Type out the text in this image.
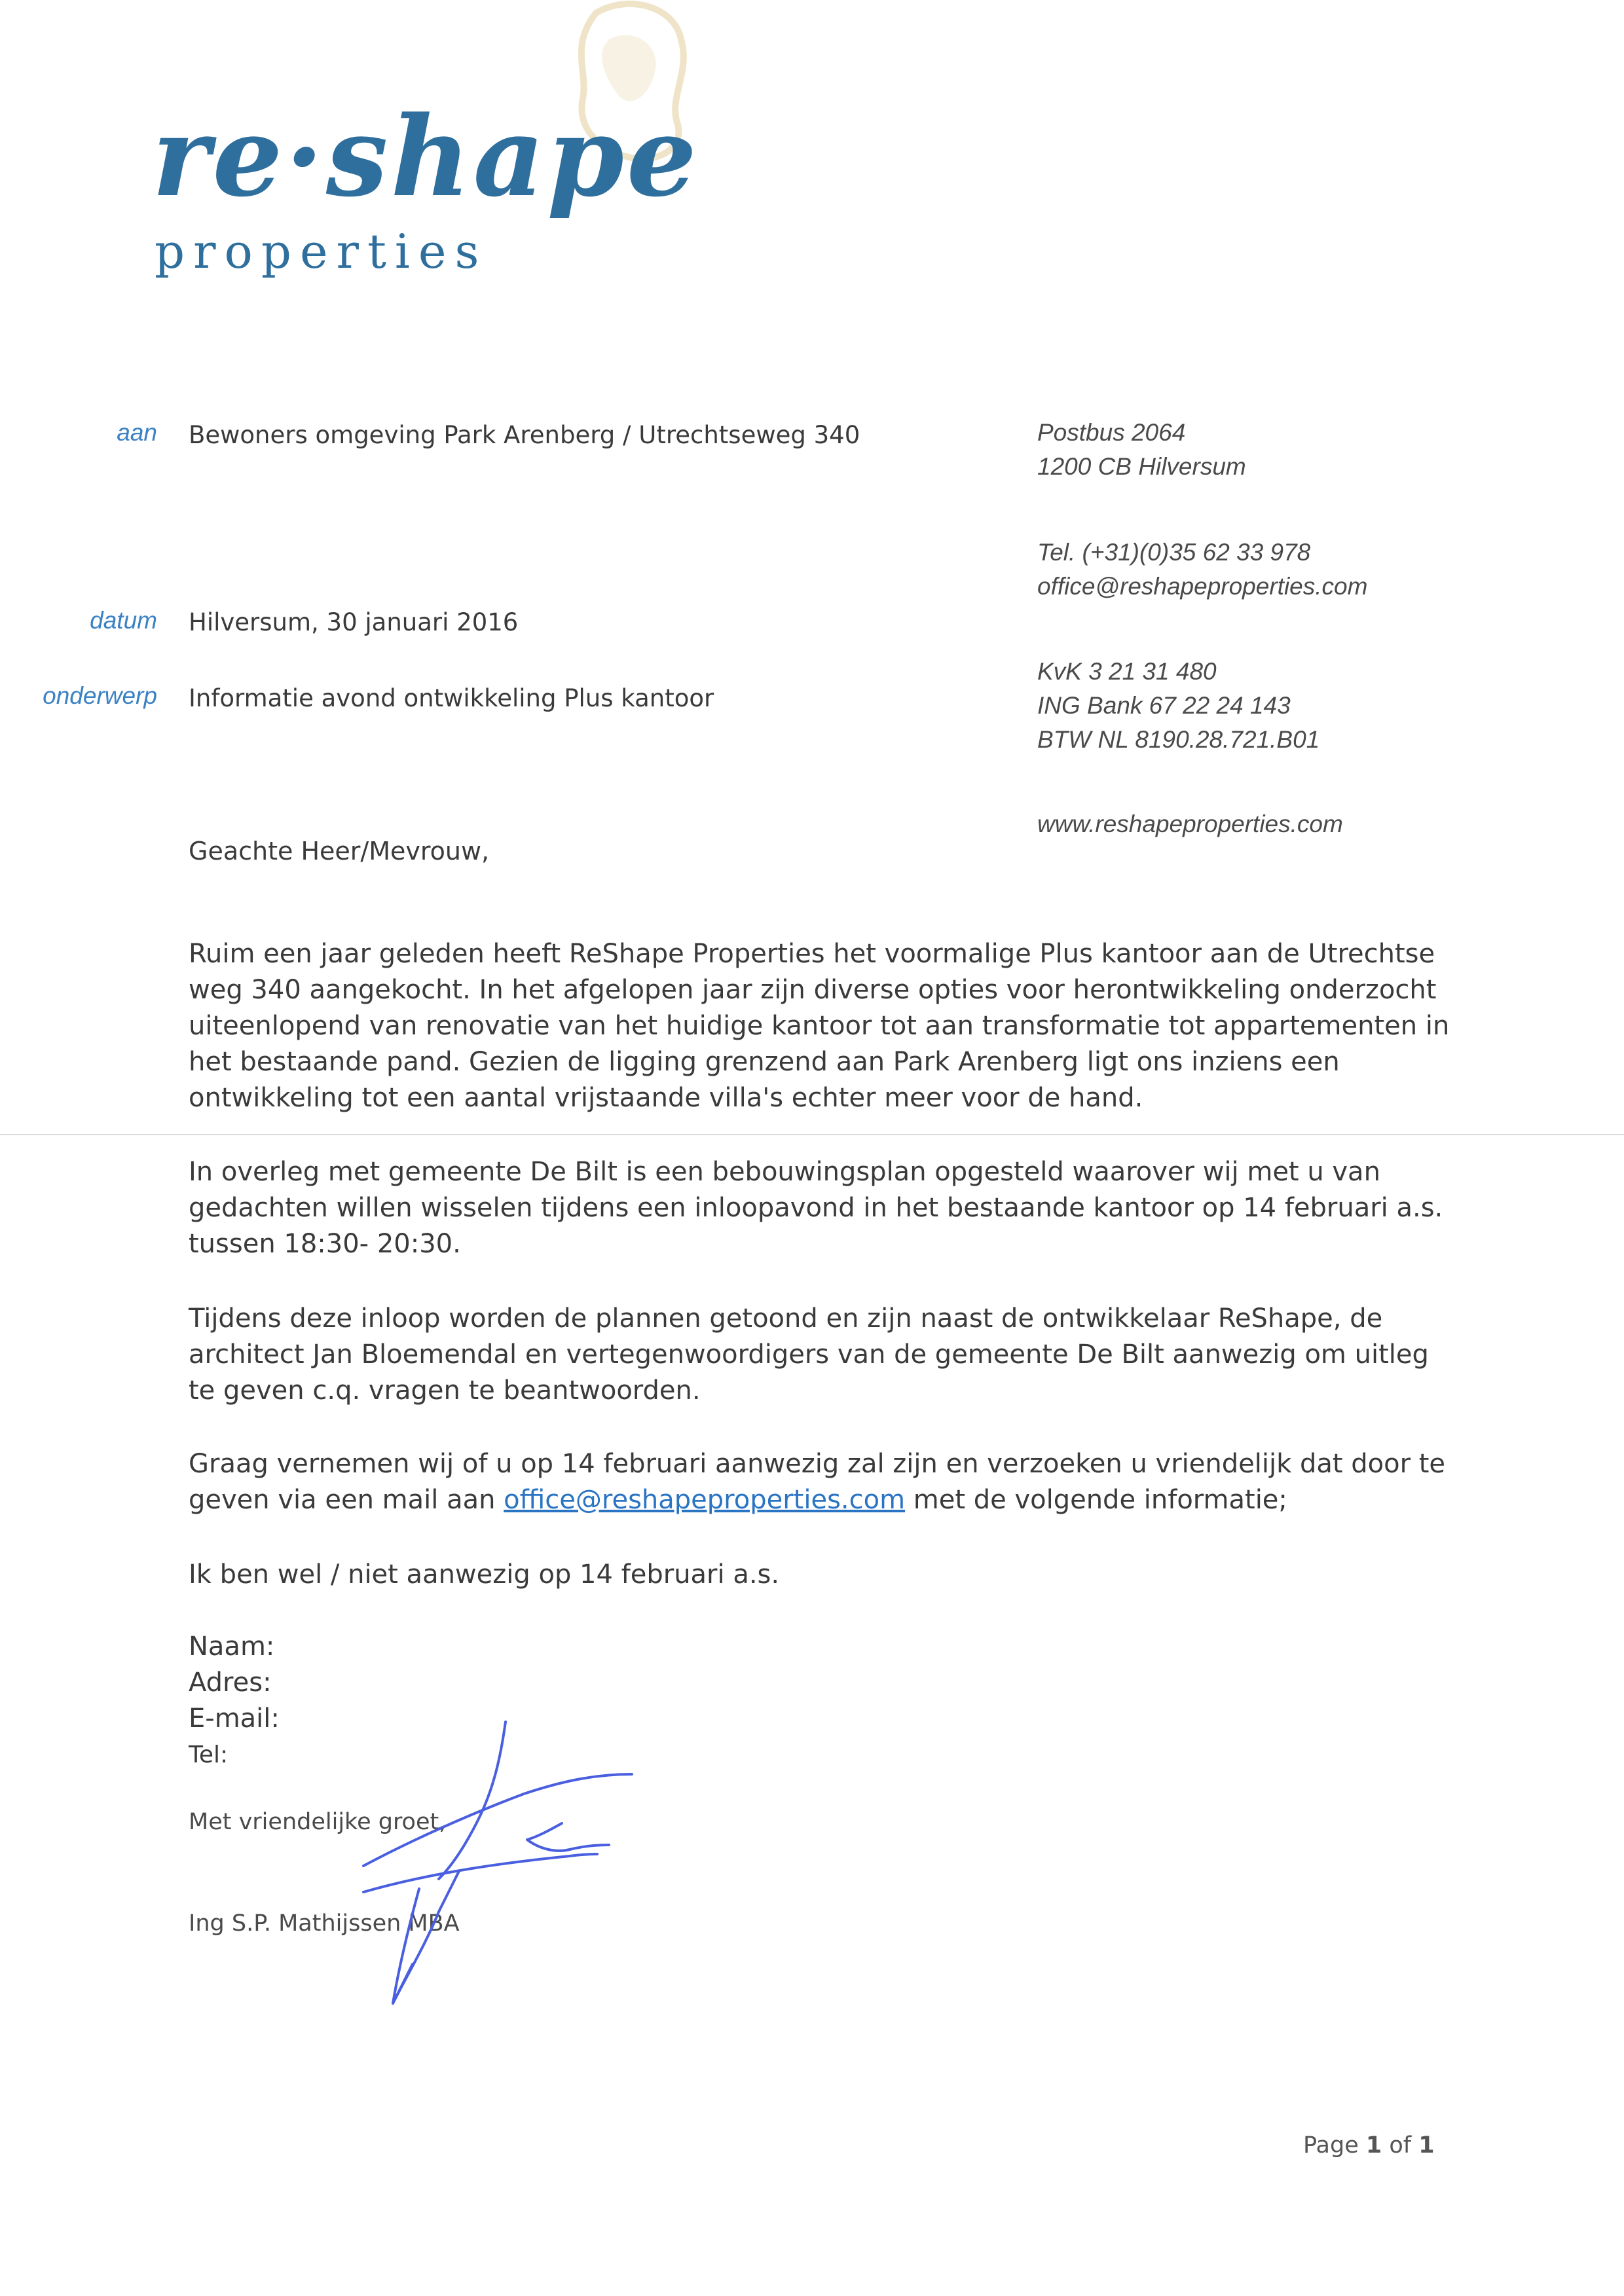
re·shape
properties
aan Bewoners omgeving Park Arenberg / Utrechtseweg 340
datum Hilversum, 30 januari 2016
onderwerp Informatie avond ontwikkeling Plus kantoor
Postbus 2064
1200 CB Hilversum
Tel. (+31)(0)35 62 33 978
office@reshapeproperties.com
KvK 3 21 31 480
ING Bank 67 22 24 143
BTW NL 8190.28.721.B01
www.reshapeproperties.com
Geachte Heer/Mevrouw,

Ruim een jaar geleden heeft ReShape Properties het voormalige Plus kantoor aan de Utrechtse weg 340 aangekocht. In het afgelopen jaar zijn diverse opties voor herontwikkeling onderzocht uiteenlopend van renovatie van het huidige kantoor tot aan transformatie tot appartementen in het bestaande pand. Gezien de ligging grenzend aan Park Arenberg ligt ons inziens een ontwikkeling tot een aantal vrijstaande villa's echter meer voor de hand.

In overleg met gemeente De Bilt is een bebouwingsplan opgesteld waarover wij met u van gedachten willen wisselen tijdens een inloopavond in het bestaande kantoor op 14 februari a.s. tussen 18:30- 20:30.

Tijdens deze inloop worden de plannen getoond en zijn naast de ontwikkelaar ReShape, de architect Jan Bloemendal en vertegenwoordigers van de gemeente De Bilt aanwezig om uitleg te geven c.q. vragen te beantwoorden.

Graag vernemen wij of u op 14 februari aanwezig zal zijn en verzoeken u vriendelijk dat door te geven via een mail aan office@reshapeproperties.com met de volgende informatie;

Ik ben wel / niet aanwezig op 14 februari a.s.

Naam:
Adres:
E-mail:
Tel:
Met vriendelijke groet,
Ing S.P. Mathijssen MBA
Page 1 of 1
